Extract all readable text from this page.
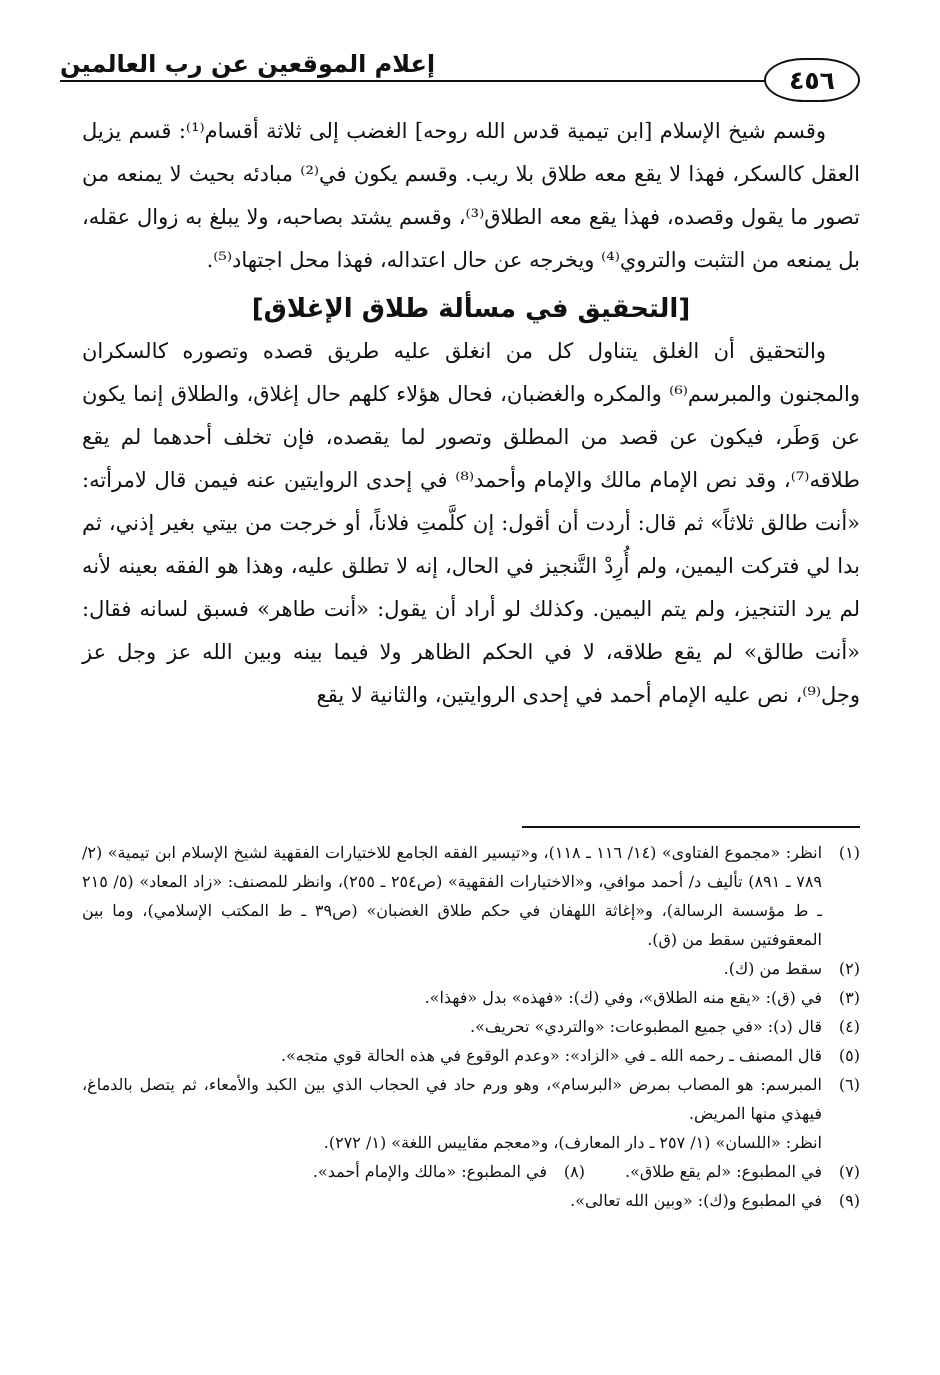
إعلام الموقعين عن رب العالمين
٤٥٦

وقسم شيخ الإسلام [ابن تيمية قدس الله روحه] الغضب إلى ثلاثة أقسام⁽¹⁾: قسم يزيل العقل كالسكر، فهذا لا يقع معه طلاق بلا ريب. وقسم يكون في⁽²⁾ مبادئه بحيث لا يمنعه من تصور ما يقول وقصده، فهذا يقع معه الطلاق⁽³⁾، وقسم يشتد بصاحبه، ولا يبلغ به زوال عقله، بل يمنعه من التثبت والتروي⁽⁴⁾ ويخرجه عن حال اعتداله، فهذا محل اجتهاد⁽⁵⁾.

[التحقيق في مسألة طلاق الإغلاق]

والتحقيق أن الغلق يتناول كل من انغلق عليه طريق قصده وتصوره كالسكران والمجنون والمبرسم⁽⁶⁾ والمكره والغضبان، فحال هؤلاء كلهم حال إغلاق، والطلاق إنما يكون عن وَطَر، فيكون عن قصد من المطلق وتصور لما يقصده، فإن تخلف أحدهما لم يقع طلاقه⁽⁷⁾، وقد نص الإمام مالك والإمام وأحمد⁽⁸⁾ في إحدى الروايتين عنه فيمن قال لامرأته: «أنت طالق ثلاثاً» ثم قال: أردت أن أقول: إن كلَّمتِ فلاناً، أو خرجت من بيتي بغير إذني، ثم بدا لي فتركت اليمين، ولم أُرِدْ التَّنجيز في الحال، إنه لا تطلق عليه، وهذا هو الفقه بعينه لأنه لم يرد التنجيز، ولم يتم اليمين. وكذلك لو أراد أن يقول: «أنت طاهر» فسبق لسانه فقال: «أنت طالق» لم يقع طلاقه، لا في الحكم الظاهر ولا فيما بينه وبين الله عز وجل عز وجل⁽⁹⁾، نص عليه الإمام أحمد في إحدى الروايتين، والثانية لا يقع

(١)
انظر: «مجموع الفتاوى» (١٤/ ١١٦ ـ ١١٨)، و«تيسير الفقه الجامع للاختيارات الفقهية لشيخ الإسلام ابن تيمية» (٢/ ٧٨٩ ـ ٨٩١) تأليف د/ أحمد موافي، و«الاختيارات الفقهية» (ص٢٥٤ ـ ٢٥٥)، وانظر للمصنف: «زاد المعاد» (٥/ ٢١٥ ـ ط مؤسسة الرسالة)، و«إغاثة اللهفان في حكم طلاق الغضبان» (ص٣٩ ـ ط المكتب الإسلامي)، وما بين المعقوفتين سقط من (ق).
(٢)
سقط من (ك).
(٣)
في (ق): «يقع منه الطلاق»، وفي (ك): «فهذه» بدل «فهذا».
(٤)
قال (د): «في جميع المطبوعات: «والتردي» تحريف».
(٥)
قال المصنف ـ رحمه الله ـ في «الزاد»: «وعدم الوقوع في هذه الحالة قوي متجه».
(٦)
المبرسم: هو المصاب بمرض «البرسام»، وهو ورم حاد في الحجاب الذي بين الكبد والأمعاء، ثم يتصل بالدماغ، فيهذي منها المريض.
انظر: «اللسان» (١/ ٢٥٧ ـ دار المعارف)، و«معجم مقاييس اللغة» (١/ ٢٧٢).
(٧)
في المطبوع: «لم يقع طلاق».
(٨)
في المطبوع: «مالك والإمام أحمد».
(٩)
في المطبوع و(ك): «وبين الله تعالى».
